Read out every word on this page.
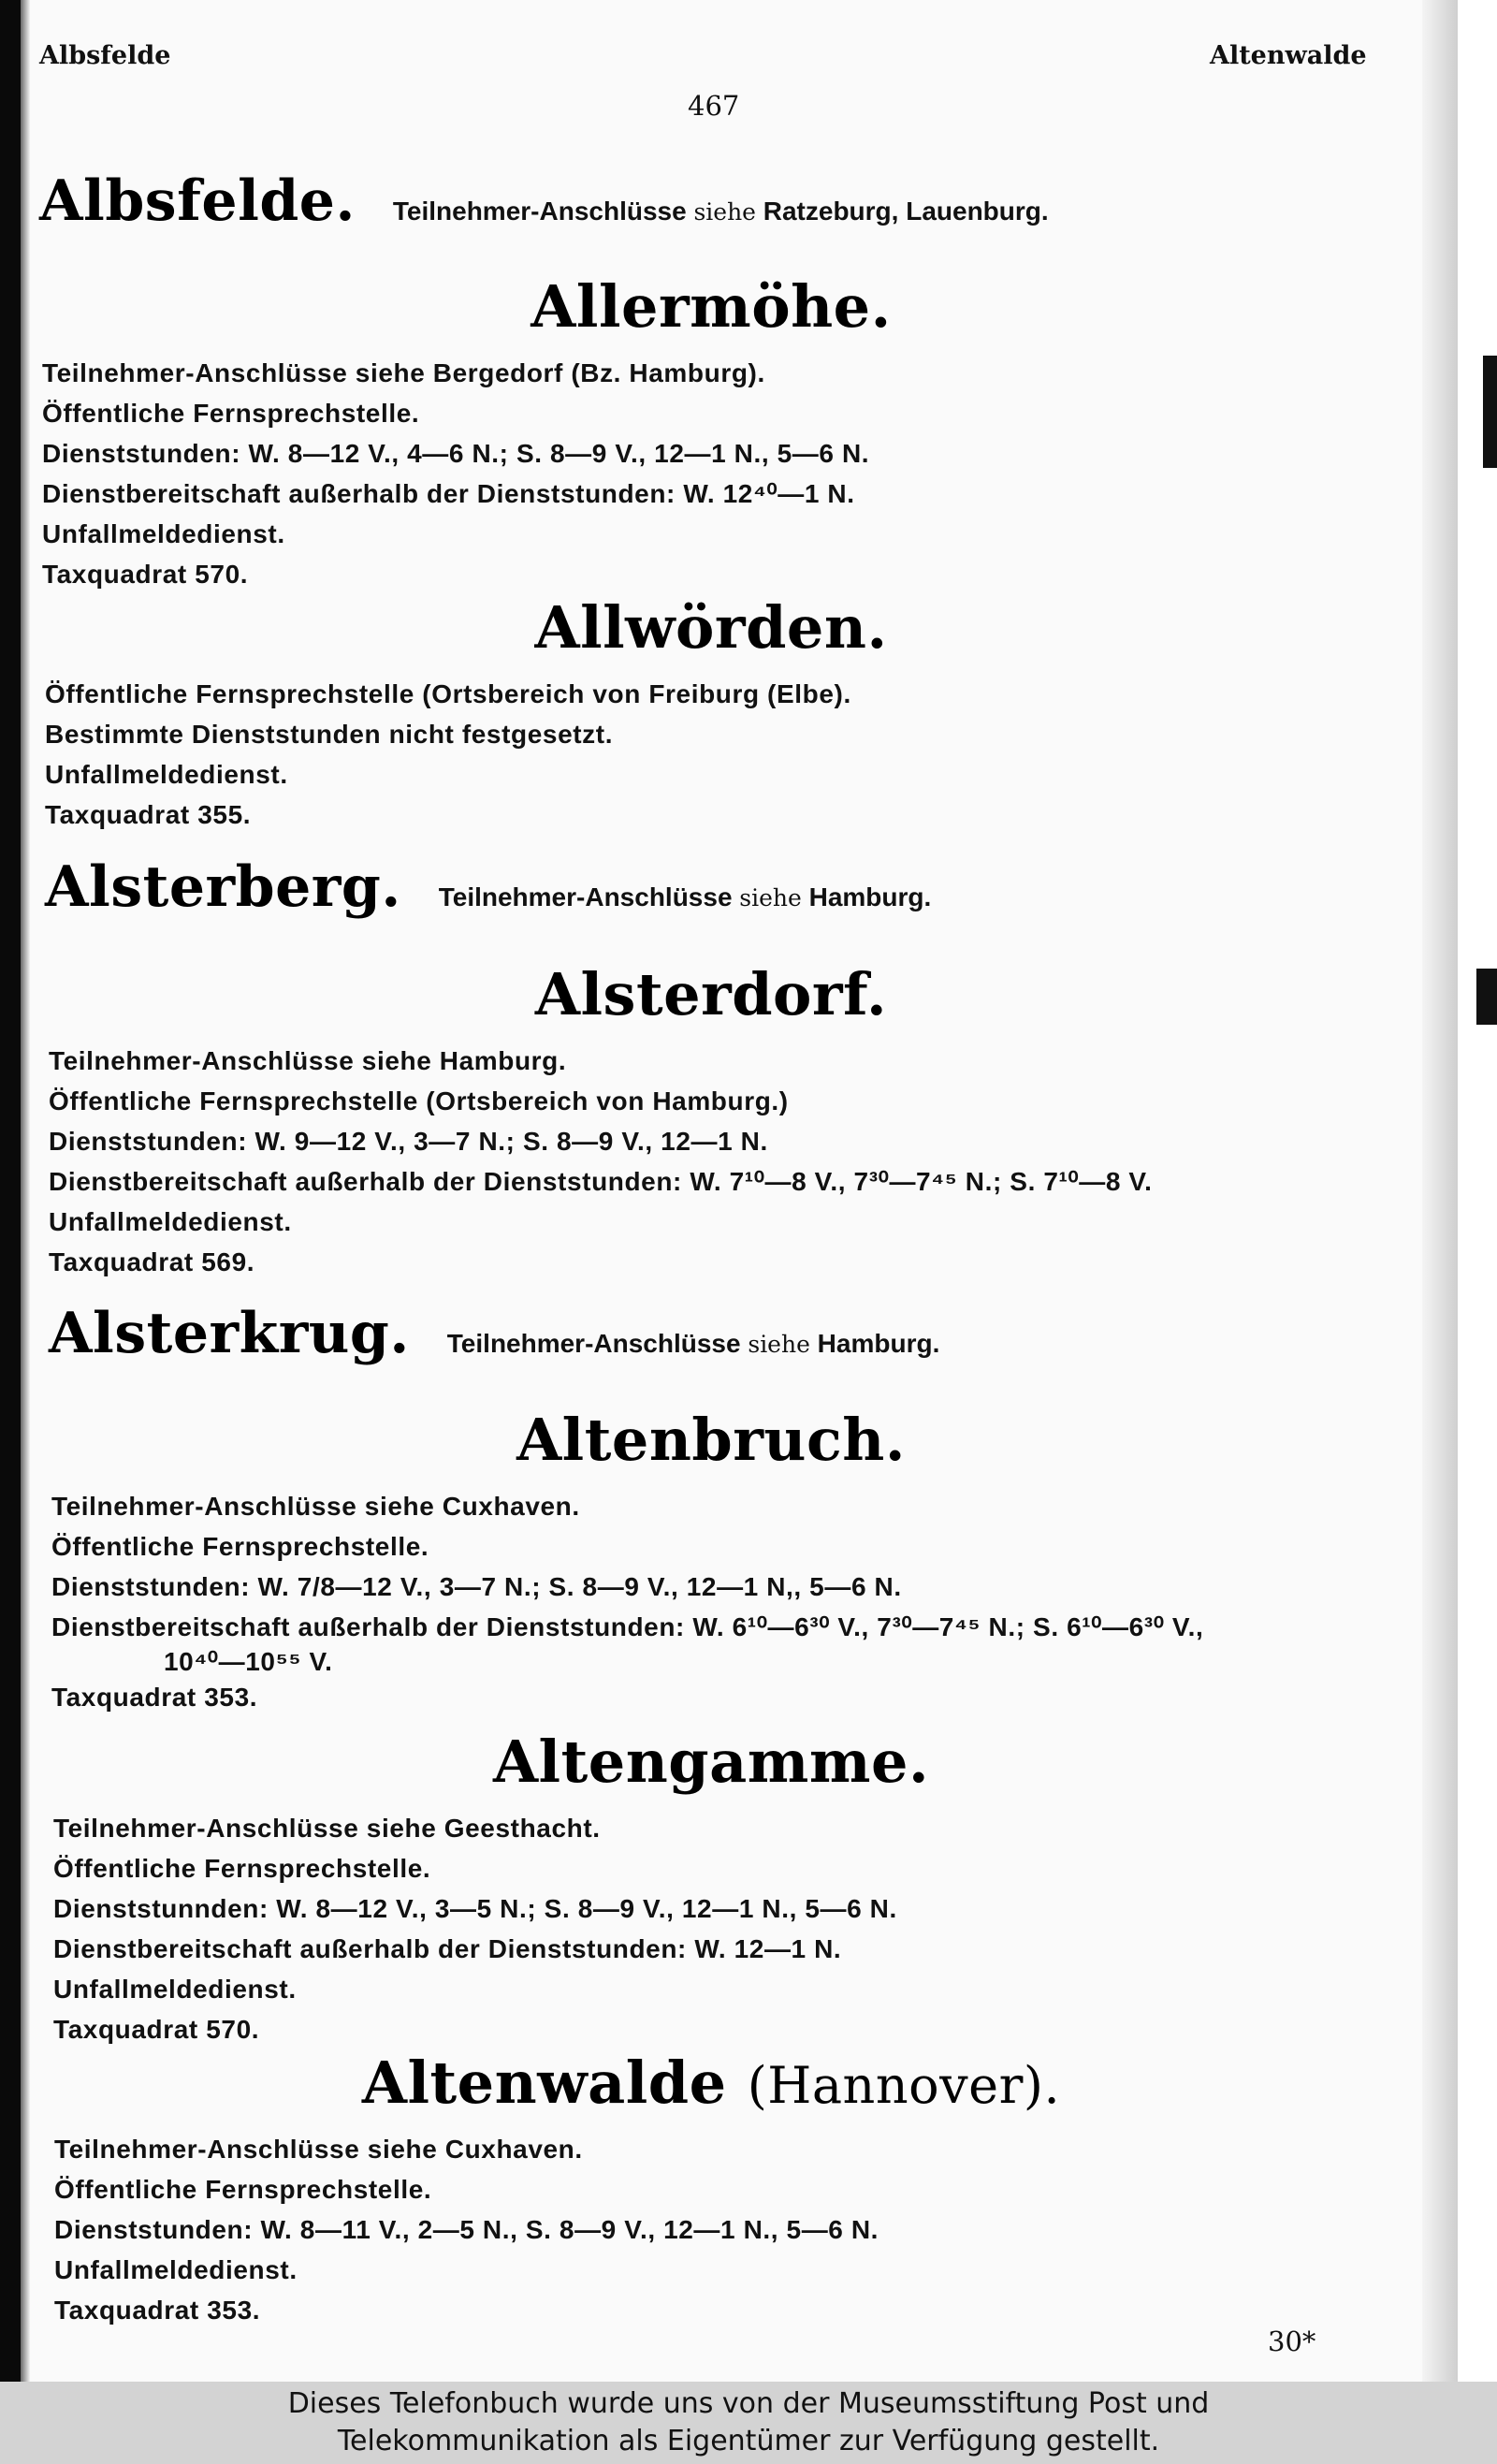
Albsfelde	Altenwalde
467
Albsfelde. Teilnehmer-Anschlüsse siehe Ratzeburg, Lauenburg.
Allermöhe.
Teilnehmer-Anschlüsse siehe Bergedorf (Bz. Hamburg).
Öffentliche Fernsprechstelle.
Dienststunden: W. 8—12 V., 4—6 N.; S. 8—9 V., 12—1 N., 5—6 N.
Dienstbereitschaft außerhalb der Dienststunden: W. 12⁴⁰—1 N.
Unfallmeldedienst.
Taxquadrat 570.
Allwörden.
Öffentliche Fernsprechstelle (Ortsbereich von Freiburg (Elbe).
Bestimmte Dienststunden nicht festgesetzt.
Unfallmeldedienst.
Taxquadrat 355.
Alsterberg. Teilnehmer-Anschlüsse siehe Hamburg.
Alsterdorf.
Teilnehmer-Anschlüsse siehe Hamburg.
Öffentliche Fernsprechstelle (Ortsbereich von Hamburg.)
Dienststunden: W. 9—12 V., 3—7 N.; S. 8—9 V., 12—1 N.
Dienstbereitschaft außerhalb der Dienststunden: W. 7¹⁰—8 V., 7³⁰—7⁴⁵ N.; S. 7¹⁰—8 V.
Unfallmeldedienst.
Taxquadrat 569.
Alsterkrug. Teilnehmer-Anschlüsse siehe Hamburg.
Altenbruch.
Teilnehmer-Anschlüsse siehe Cuxhaven.
Öffentliche Fernsprechstelle.
Dienststunden: W. 7/8—12 V., 3—7 N.; S. 8—9 V., 12—1 N,, 5—6 N.
Dienstbereitschaft außerhalb der Dienststunden: W. 6¹⁰—6³⁰ V., 7³⁰—7⁴⁵ N.; S. 6¹⁰—6³⁰ V.,
10⁴⁰—10⁵⁵ V.
Taxquadrat 353.
Altengamme.
Teilnehmer-Anschlüsse siehe Geesthacht.
Öffentliche Fernsprechstelle.
Dienststunnden: W. 8—12 V., 3—5 N.; S. 8—9 V., 12—1 N., 5—6 N.
Dienstbereitschaft außerhalb der Dienststunden: W. 12—1 N.
Unfallmeldedienst.
Taxquadrat 570.
Altenwalde (Hannover).
Teilnehmer-Anschlüsse siehe Cuxhaven.
Öffentliche Fernsprechstelle.
Dienststunden: W. 8—11 V., 2—5 N., S. 8—9 V., 12—1 N., 5—6 N.
Unfallmeldedienst.
Taxquadrat 353.
30*
Dieses Telefonbuch wurde uns von der Museumsstiftung Post und
Telekommunikation als Eigentümer zur Verfügung gestellt.
